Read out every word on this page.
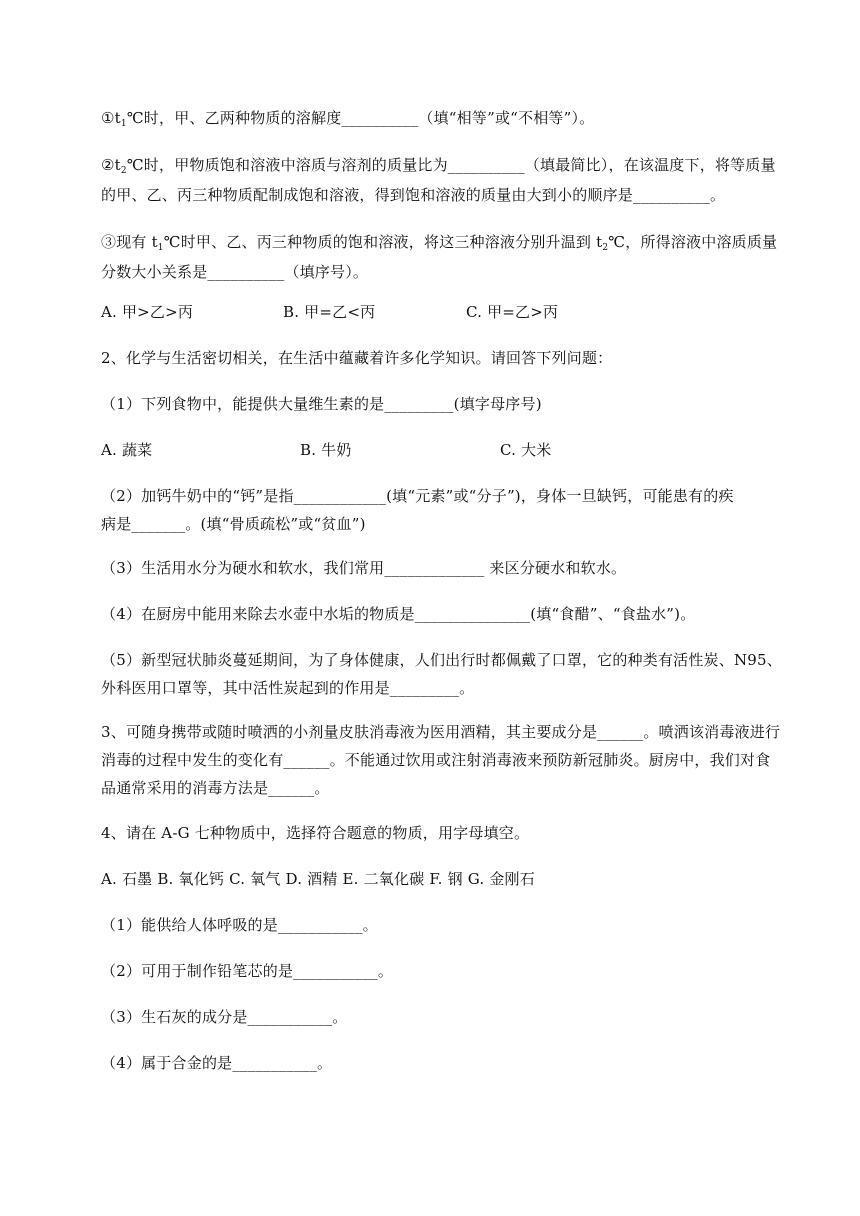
$①t_1℃$时，甲、乙两种物质的溶解度__________（填“相等”或“不相等”）。
$②t_2℃$时，甲物质饱和溶液中溶质与溶剂的质量比为__________（填最简比），在该温度下，将等质量
的甲、乙、丙三种物质配制成饱和溶液，得到饱和溶液的质量由大到小的顺序是__________。
③现有 $t_1℃$时甲、乙、丙三种物质的饱和溶液，将这三种溶液分别升温到 $t_2℃$，所得溶液中溶质质量
分数大小关系是__________（填序号）。
A. 甲>乙>丙	B. 甲=乙<丙	C. 甲=乙>丙
2、化学与生活密切相关，在生活中蕴藏着许多化学知识。请回答下列问题：
（1）下列食物中，能提供大量维生素的是_________(填字母序号)
A. 蔬菜	B. 牛奶	C. 大米
（2）加钙牛奶中的“钙”是指____________(填“元素”或“分子”)，身体一旦缺钙，可能患有的疾
病是_______。(填“骨质疏松”或“贫血”)
（3）生活用水分为硬水和软水，我们常用_____________ 来区分硬水和软水。
（4）在厨房中能用来除去水壶中水垢的物质是_______________(填“食醋”、“食盐水”)。
（5）新型冠状肺炎蔓延期间，为了身体健康，人们出行时都佩戴了口罩，它的种类有活性炭、N95、
外科医用口罩等，其中活性炭起到的作用是_________。
3、可随身携带或随时喷洒的小剂量皮肤消毒液为医用酒精，其主要成分是______。喷洒该消毒液进行
消毒的过程中发生的变化有______。不能通过饮用或注射消毒液来预防新冠肺炎。厨房中，我们对食
品通常采用的消毒方法是______。
4、请在 A-G 七种物质中，选择符合题意的物质，用字母填空。
A. 石墨 B. 氧化钙 C. 氧气 D. 酒精 E. 二氧化碳 F. 钢 G. 金刚石
（1）能供给人体呼吸的是___________。
（2）可用于制作铅笔芯的是___________。
（3）生石灰的成分是___________。
（4）属于合金的是___________。
